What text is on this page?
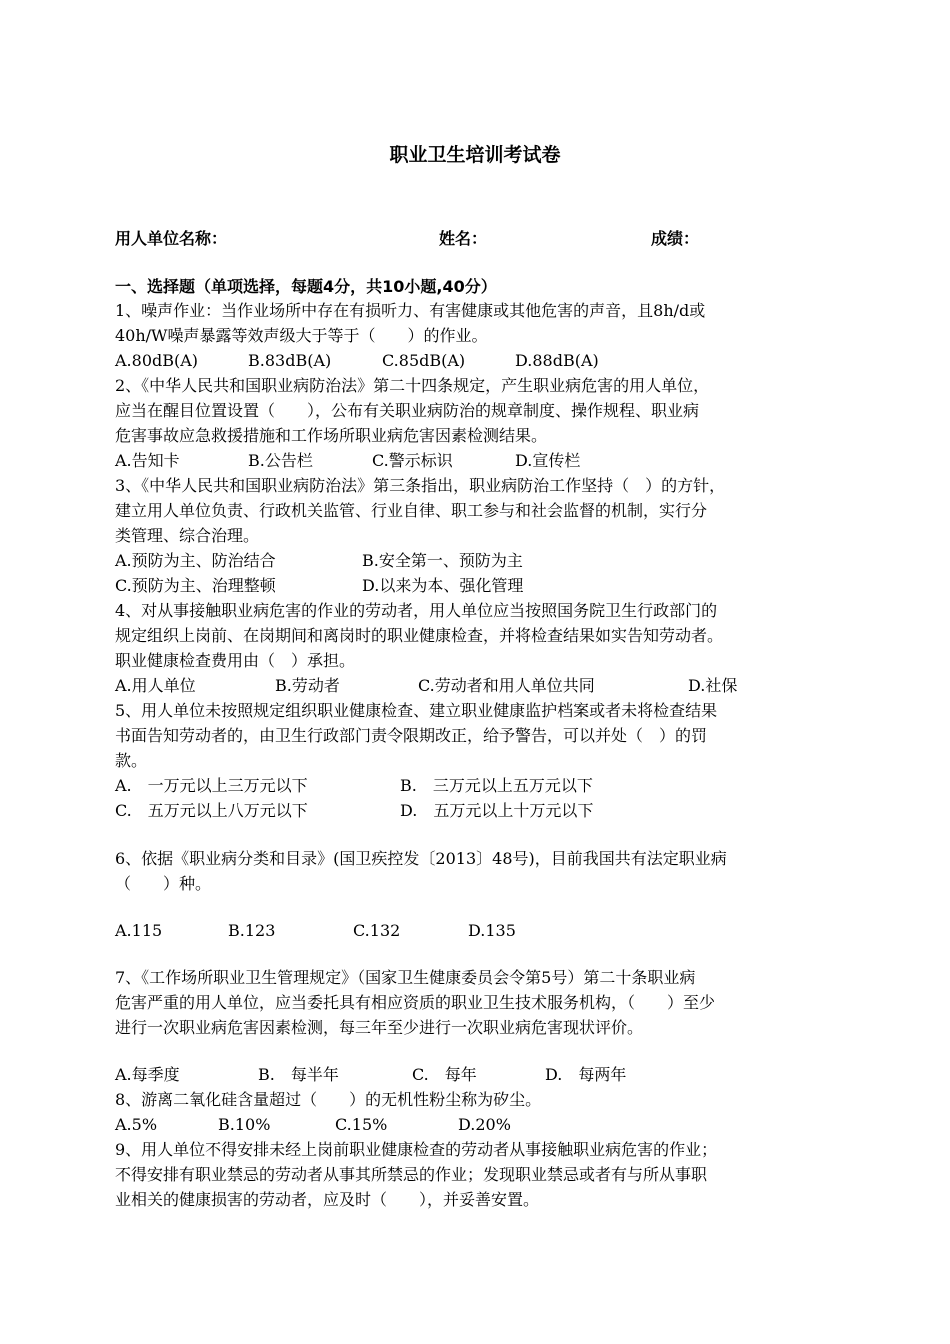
职业卫生培训考试卷
用人单位名称：	姓名：	成绩：
一、选择题（单项选择，每题4分，共10小题,40分）
1、噪声作业：当作业场所中存在有损听力、有害健康或其他危害的声音，且8h/d或
40h/W噪声暴露等效声级大于等于（　　）的作业。
A.80dB(A)	B.83dB(A)	C.85dB(A)	D.88dB(A)
2、《中华人民共和国职业病防治法》第二十四条规定，产生职业病危害的用人单位，
应当在醒目位置设置（　　），公布有关职业病防治的规章制度、操作规程、职业病
危害事故应急救援措施和工作场所职业病危害因素检测结果。
A.告知卡	B.公告栏	C.警示标识	D.宣传栏
3、《中华人民共和国职业病防治法》第三条指出，职业病防治工作坚持（　）的方针，
建立用人单位负责、行政机关监管、行业自律、职工参与和社会监督的机制，实行分
类管理、综合治理。
A.预防为主、防治结合	B.安全第一、预防为主
C.预防为主、治理整顿	D.以来为本、强化管理
4、对从事接触职业病危害的作业的劳动者，用人单位应当按照国务院卫生行政部门的
规定组织上岗前、在岗期间和离岗时的职业健康检查，并将检查结果如实告知劳动者。
职业健康检查费用由（　）承担。
A.用人单位	B.劳动者	C.劳动者和用人单位共同	D.社保
5、用人单位未按照规定组织职业健康检查、建立职业健康监护档案或者未将检查结果
书面告知劳动者的，由卫生行政部门责令限期改正，给予警告，可以并处（　）的罚
款。
A.　一万元以上三万元以下	B.　三万元以上五万元以下
C.　五万元以上八万元以下	D.　五万元以上十万元以下
6、依据《职业病分类和目录》(国卫疾控发〔2013〕48号)，目前我国共有法定职业病
（　　）种。
A.115	B.123	C.132	D.135
7、《工作场所职业卫生管理规定》（国家卫生健康委员会令第5号）第二十条职业病
危害严重的用人单位，应当委托具有相应资质的职业卫生技术服务机构，（　　）至少
进行一次职业病危害因素检测，每三年至少进行一次职业病危害现状评价。
A.每季度	B.　每半年	C.　每年	D.　每两年
8、游离二氧化硅含量超过（　　）的无机性粉尘称为矽尘。
A.5%	B.10%	C.15%	D.20%
9、用人单位不得安排未经上岗前职业健康检查的劳动者从事接触职业病危害的作业；
不得安排有职业禁忌的劳动者从事其所禁忌的作业；发现职业禁忌或者有与所从事职
业相关的健康损害的劳动者，应及时（　　），并妥善安置。
